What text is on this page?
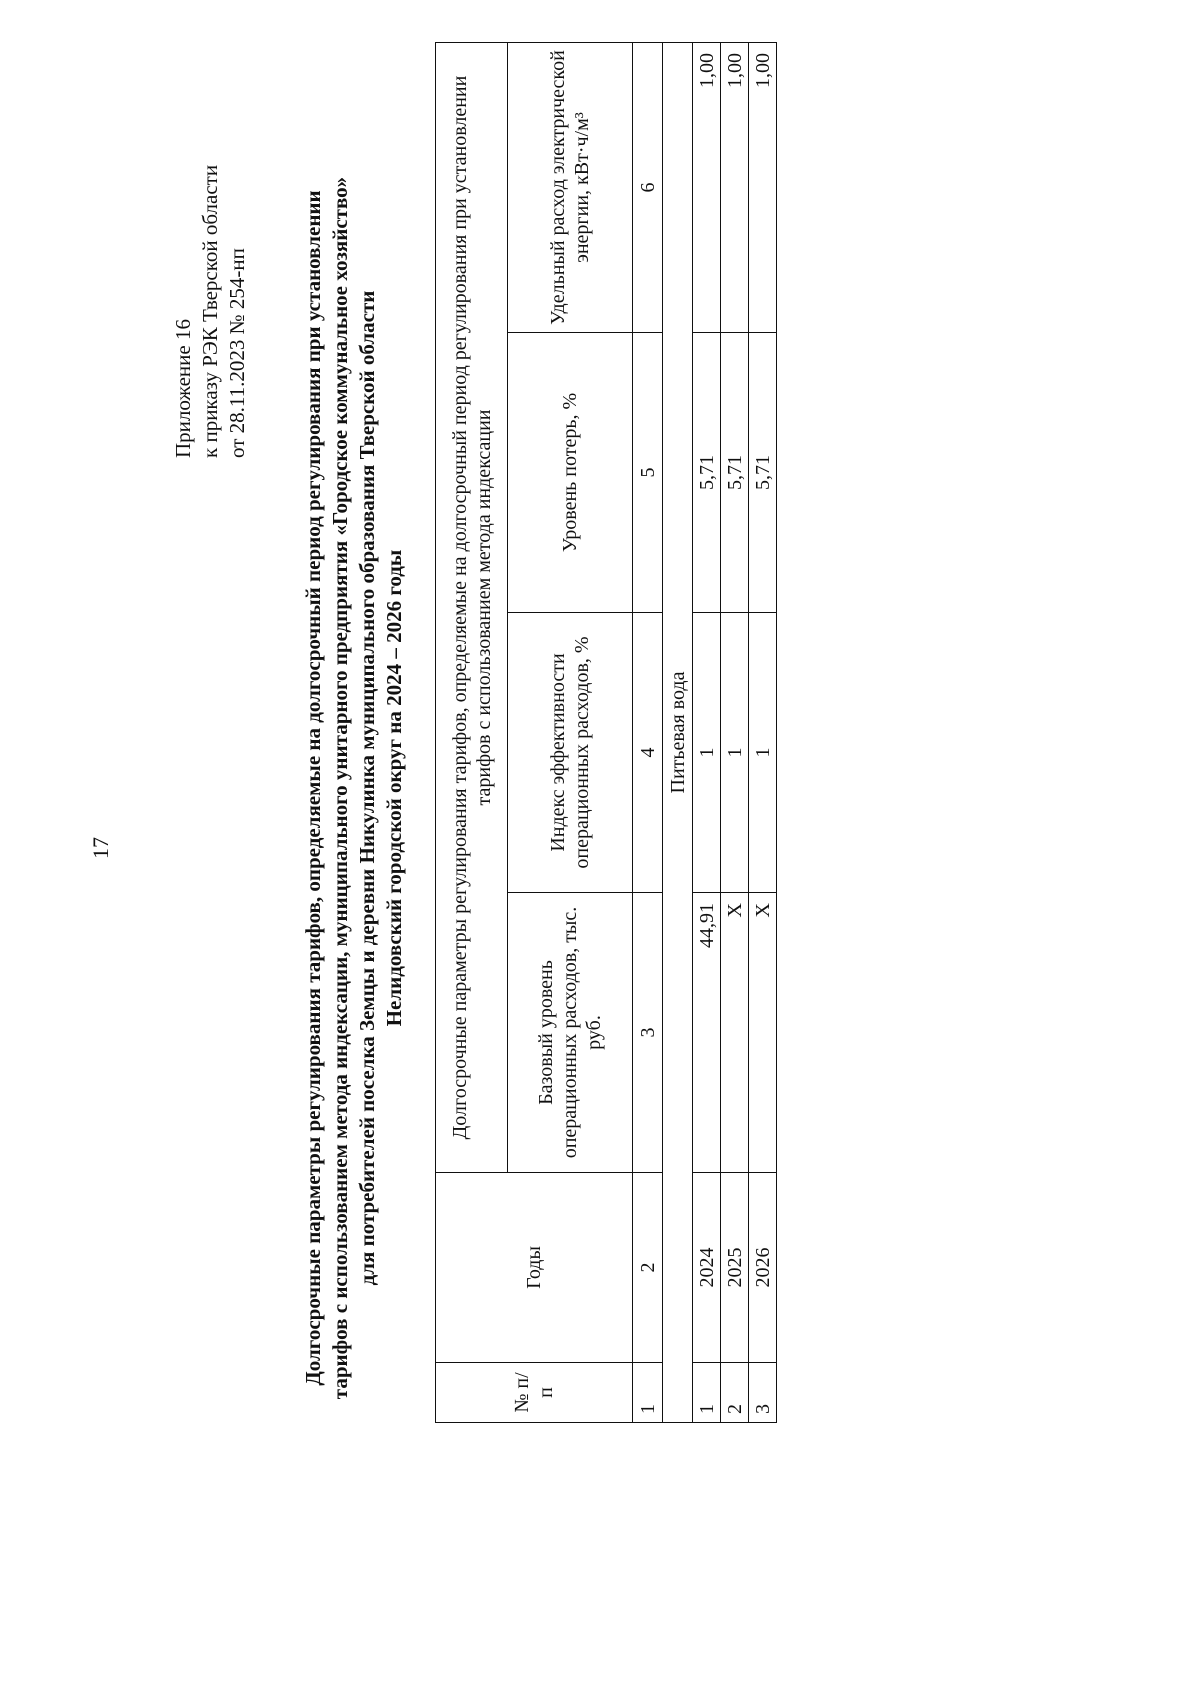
17
Приложение 16 к приказу РЭК Тверской области от 28.11.2023 № 254-нп Долгосрочные параметры регулирования тарифов, определяемые на долгосрочный период регулирования при установлении тарифов с использованием метода индексации, муниципального унитарного предприятия «Городское коммунальное хозяйство» для потребителей поселка Земцы и деревни Никулинка муниципального образования Тверской области Нелидовский городской округ на 2024 – 2026 годы
№ п/п	Годы	Долгосрочные параметры регулирования тарифов, определяемые на долгосрочный период регулирования при установлении тарифов с использованием метода индексации			
		Базовый уровень операционных расходов, тыс. руб.	Индекс эффективности операционных расходов, %	Уровень потерь, %	Удельный расход электрической энергии, кВт·ч/м³
1	2	3	4	5	6
Питьевая вода					
1	2024	44,91	1	5,71	1,00
2	2025	X	1	5,71	1,00
3	2026	X	1	5,71	1,00
